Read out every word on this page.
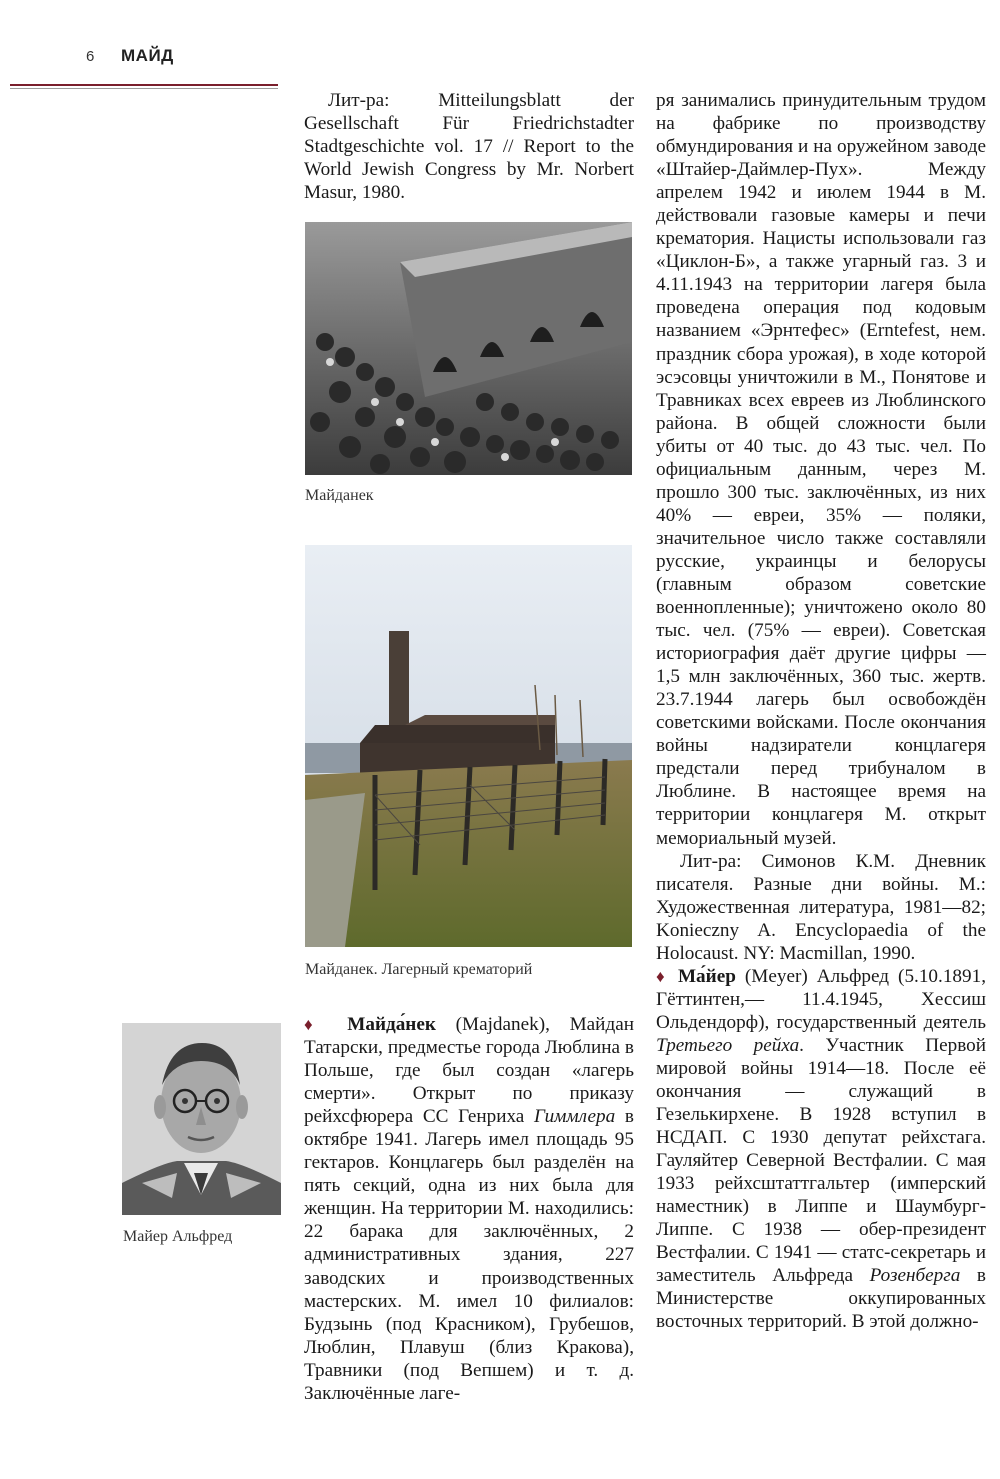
6 МАЙД

Лит-ра: Mitteilungsblatt der Gesellschaft Für Friedrichstadter Stadtgeschichte vol. 17 // Report to the World Jewish Congress by Mr. Norbert Masur, 1980.

Майданек
Майданек. Лагерный крематорий
Майер Альфред

♦ Майда́нек (Majdanek), Майдан Татарски, предместье города Люблина в Польше, где был создан «лагерь смерти». Открыт по приказу рейхсфюрера СС Генриха Гиммлера в октябре 1941. Лагерь имел площадь 95 гектаров. Концлагерь был разделён на пять секций, одна из них была для женщин. На территории М. находились: 22 барака для заключённых, 2 административных здания, 227 заводских и производственных мастерских. М. имел 10 филиалов: Будзынь (под Красником), Грубешов, Люблин, Плавуш (близ Кракова), Травники (под Вепшем) и т. д. Заключённые лаге-

ря занимались принудительным трудом на фабрике по производству обмундирования и на оружейном заводе «Штайер-Даймлер-Пух». Между апрелем 1942 и июлем 1944 в М. действовали газовые камеры и печи крематория. Нацисты использовали газ «Циклон-Б», а также угарный газ. 3 и 4.11.1943 на территории лагеря была проведена операция под кодовым названием «Эрнтефес» (Erntefest, нем. праздник сбора урожая), в ходе которой эсэсовцы уничтожили в М., Понятове и Травниках всех евреев из Люблинского района. В общей сложности были убиты от 40 тыс. до 43 тыс. чел. По официальным данным, через М. прошло 300 тыс. заключённых, из них 40% — евреи, 35% — поляки, значительное число также составляли русские, украинцы и белорусы (главным образом советские военнопленные); уничтожено около 80 тыс. чел. (75% — евреи). Советская историография даёт другие цифры — 1,5 млн заключённых, 360 тыс. жертв. 23.7.1944 лагерь был освобождён советскими войсками. После окончания войны надзиратели концлагеря предстали перед трибуналом в Люблине. В настоящее время на территории концлагеря М. открыт мемориальный музей.

Лит-ра: Симонов К.М. Дневник писателя. Разные дни войны. М.: Художественная литература, 1981—82; Konieczny A. Encyclopaedia of the Holocaust. NY: Macmillan, 1990.

♦ Ма́йер (Meyer) Альфред (5.10.1891, Гёттинтен,— 11.4.1945, Хессиш Ольдендорф), государственный деятель Третьего рейха. Участник Первой мировой войны 1914—18. После её окончания — служащий в Гезелькирхене. В 1928 вступил в НСДАП. С 1930 депутат рейхстага. Гауляйтер Северной Вестфалии. С мая 1933 рейхсштаттгальтер (имперский наместник) в Липпе и Шаумбург-Липпе. С 1938 — обер-президент Вестфалии. С 1941 — статс-секретарь и заместитель Альфреда Розенберга в Министерстве оккупированных восточных территорий. В этой должно-
